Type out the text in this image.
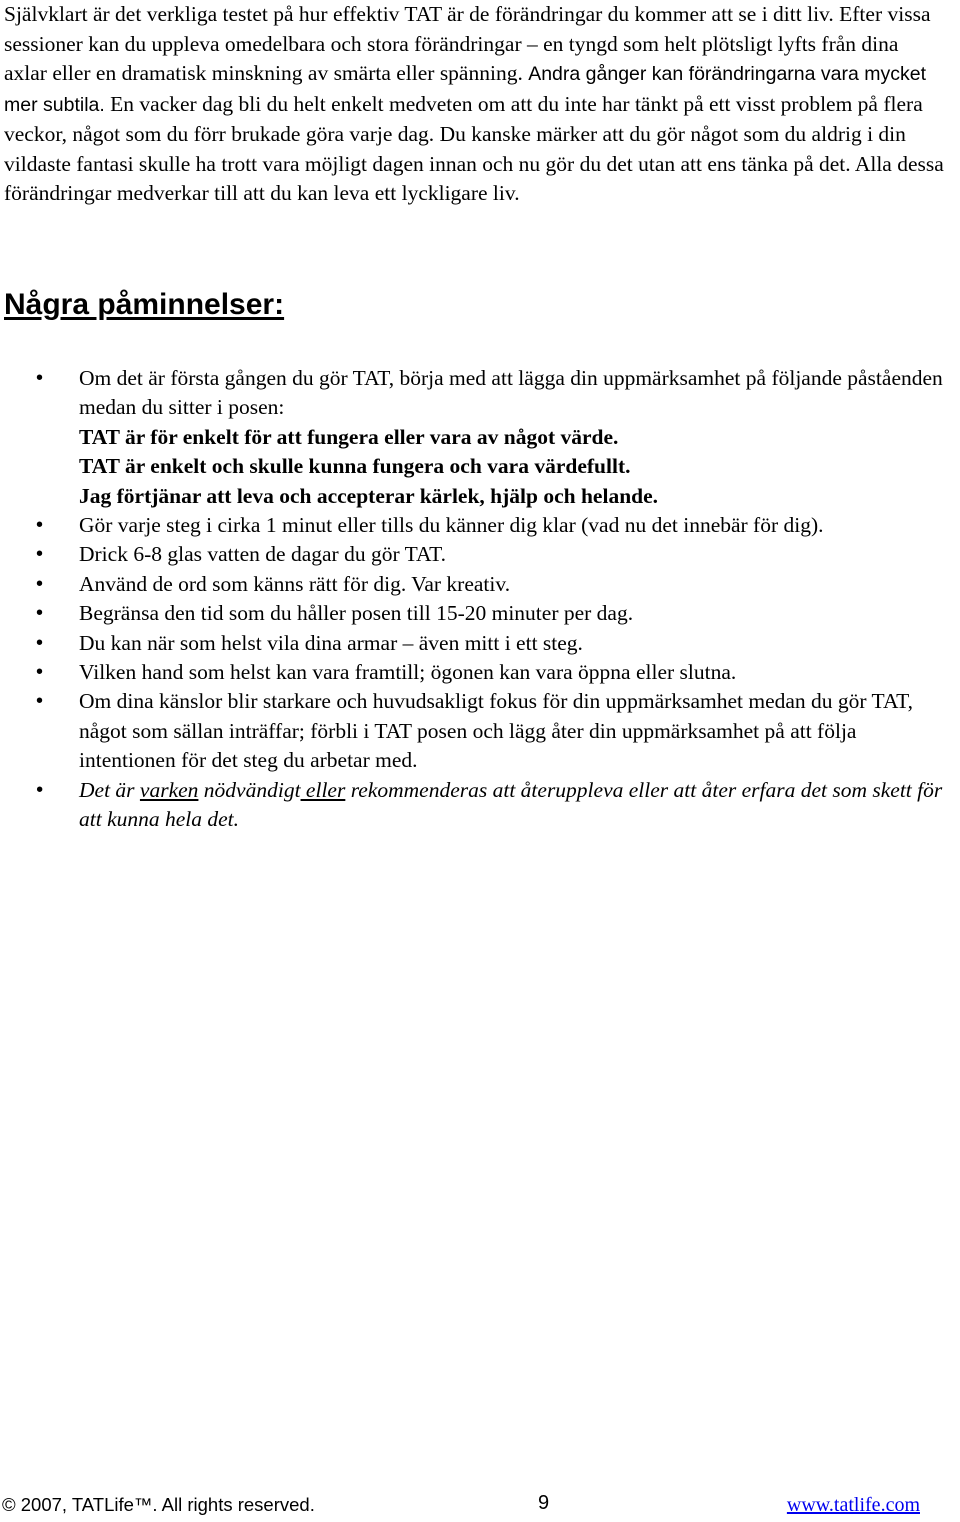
Självklart är det verkliga testet på hur effektiv TAT är de förändringar du kommer att se i ditt liv. Efter vissa sessioner kan du uppleva omedelbara och stora förändringar – en tyngd som helt plötsligt lyfts från dina axlar eller en dramatisk minskning av smärta eller spänning. Andra gånger kan förändringarna vara mycket mer subtila. En vacker dag bli du helt enkelt medveten om att du inte har tänkt på ett visst problem på flera veckor, något som du förr brukade göra varje dag. Du kanske märker att du gör något som du aldrig i din vildaste fantasi skulle ha trott vara möjligt dagen innan och nu gör du det utan att ens tänka på det. Alla dessa förändringar medverkar till att du kan leva ett lyckligare liv.

Några påminnelser:
• Om det är första gången du gör TAT, börja med att lägga din uppmärksamhet på följande påståenden medan du sitter i posen:
TAT är för enkelt för att fungera eller vara av något värde.
TAT är enkelt och skulle kunna fungera och vara värdefullt.
Jag förtjänar att leva och accepterar kärlek, hjälp och helande.
• Gör varje steg i cirka 1 minut eller tills du känner dig klar (vad nu det innebär för dig).
• Drick 6-8 glas vatten de dagar du gör TAT.
• Använd de ord som känns rätt för dig. Var kreativ.
• Begränsa den tid som du håller posen till 15-20 minuter per dag.
• Du kan när som helst vila dina armar – även mitt i ett steg.
• Vilken hand som helst kan vara framtill; ögonen kan vara öppna eller slutna.
• Om dina känslor blir starkare och huvudsakligt fokus för din uppmärksamhet medan du gör TAT, något som sällan inträffar; förbli i TAT posen och lägg åter din uppmärksamhet på att följa intentionen för det steg du arbetar med.
• Det är varken nödvändigt eller rekommenderas att återuppleva eller att åter erfara det som skett för att kunna hela det.
© 2007, TATLife™. All rights reserved.	9	www.tatlife.com
